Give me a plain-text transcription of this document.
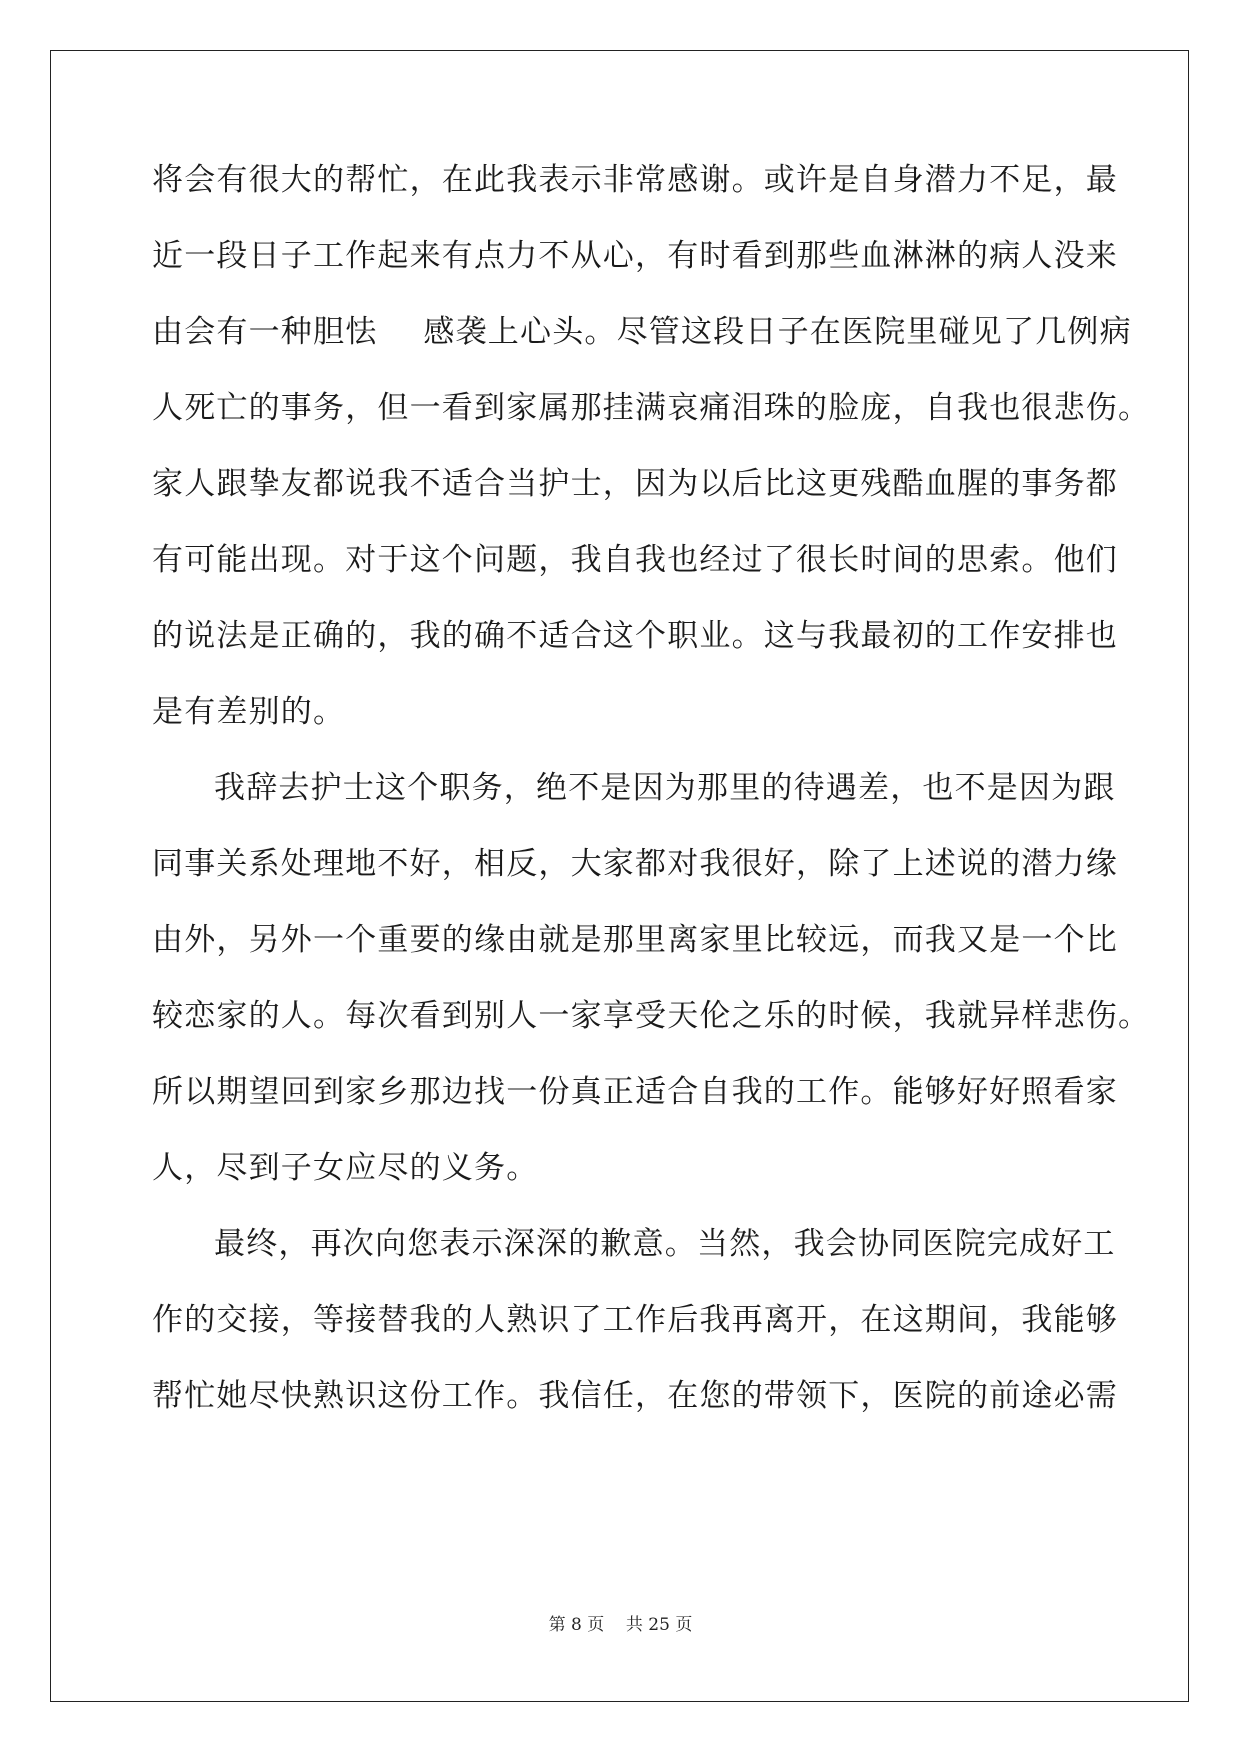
将会有很大的帮忙，在此我表示非常感谢。或许是自身潜力不足，最
近一段日子工作起来有点力不从心，有时看到那些血淋淋的病人没来
由会有一种胆怯 感袭上心头。尽管这段日子在医院里碰见了几例病
人死亡的事务，但一看到家属那挂满哀痛泪珠的脸庞，自我也很悲伤。
家人跟挚友都说我不适合当护士，因为以后比这更残酷血腥的事务都
有可能出现。对于这个问题，我自我也经过了很长时间的思索。他们
的说法是正确的，我的确不适合这个职业。这与我最初的工作安排也
是有差别的。
我辞去护士这个职务，绝不是因为那里的待遇差，也不是因为跟
同事关系处理地不好，相反，大家都对我很好，除了上述说的潜力缘
由外，另外一个重要的缘由就是那里离家里比较远，而我又是一个比
较恋家的人。每次看到别人一家享受天伦之乐的时候，我就异样悲伤。
所以期望回到家乡那边找一份真正适合自我的工作。能够好好照看家
人，尽到子女应尽的义务。
最终，再次向您表示深深的歉意。当然，我会协同医院完成好工
作的交接，等接替我的人熟识了工作后我再离开，在这期间，我能够
帮忙她尽快熟识这份工作。我信任，在您的带领下，医院的前途必需
第 8 页    共 25 页
